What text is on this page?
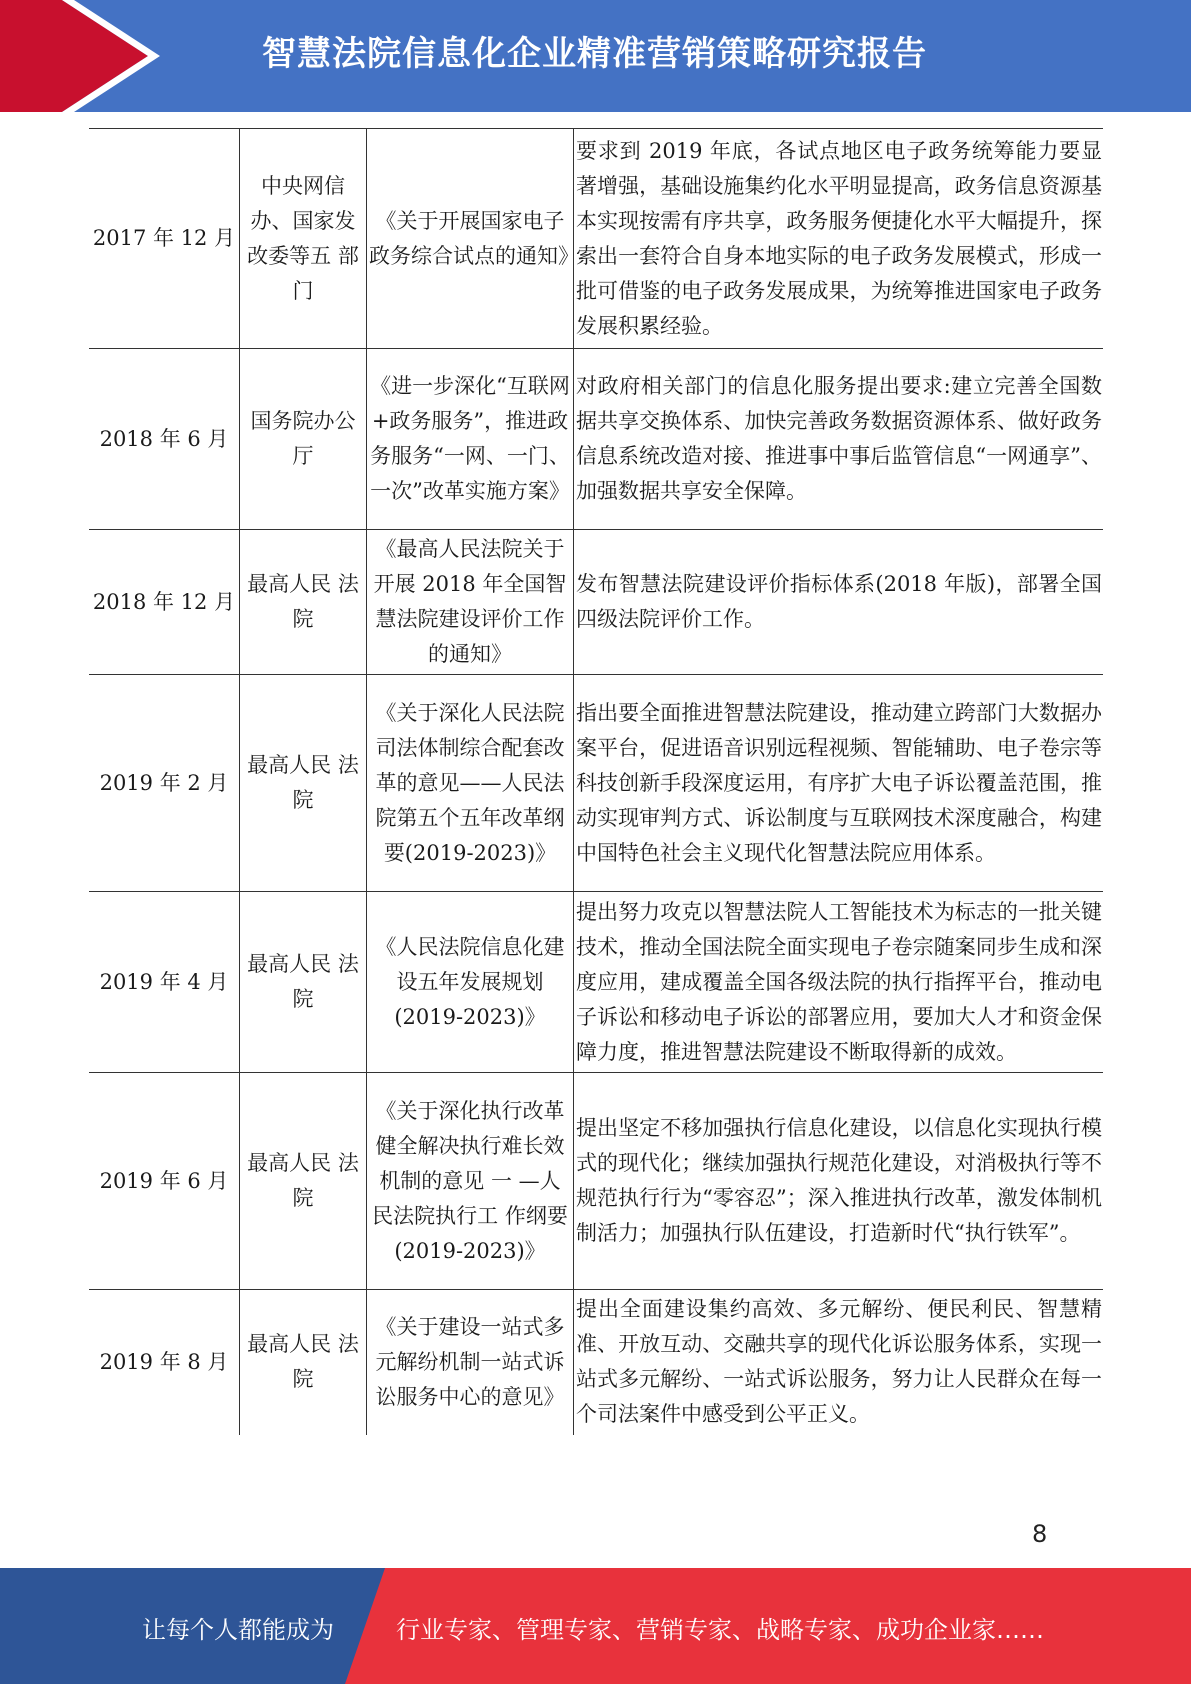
智慧法院信息化企业精准营销策略研究报告
2017 年 12 月	中央网信办、国家发改委等五 部门	《关于开展国家电子政务综合试点的通知》	要求到 2019 年底，各试点地区电子政务统筹能力要显著增强，基础设施集约化水平明显提高，政务信息资源基本实现按需有序共享，政务服务便捷化水平大幅提升，探索出一套符合自身本地实际的电子政务发展模式，形成一批可借鉴的电子政务发展成果，为统筹推进国家电子政务发展积累经验。
2018 年 6 月	国务院办公厅	《进一步深化“互联网+政务服务”，推进政务服务“一网、一门、一次”改革实施方案》	对政府相关部门的信息化服务提出要求:建立完善全国数据共享交换体系、加快完善政务数据资源体系、做好政务信息系统改造对接、推进事中事后监管信息“一网通享”、加强数据共享安全保障。
2018 年 12 月	最高人民 法院	《最高人民法院关于开展 2018 年全国智慧法院建设评价工作的通知》	发布智慧法院建设评价指标体系(2018 年版)，部署全国四级法院评价工作。
2019 年 2 月	最高人民 法院	《关于深化人民法院司法体制综合配套改革的意见——人民法院第五个五年改革纲要(2019-2023)》	指出要全面推进智慧法院建设，推动建立跨部门大数据办案平台，促进语音识别远程视频、智能辅助、电子卷宗等科技创新手段深度运用，有序扩大电子诉讼覆盖范围，推动实现审判方式、诉讼制度与互联网技术深度融合，构建中国特色社会主义现代化智慧法院应用体系。
2019 年 4 月	最高人民 法院	《人民法院信息化建设五年发展规划(2019-2023)》	提出努力攻克以智慧法院人工智能技术为标志的一批关键技术，推动全国法院全面实现电子卷宗随案同步生成和深度应用，建成覆盖全国各级法院的执行指挥平台，推动电子诉讼和移动电子诉讼的部署应用，要加大人才和资金保障力度，推进智慧法院建设不断取得新的成效。
2019 年 6 月	最高人民 法院	《关于深化执行改革健全解决执行难长效机制的意见 一 —人民法院执行工 作纲要(2019-2023)》	提出坚定不移加强执行信息化建设，以信息化实现执行模式的现代化；继续加强执行规范化建设，对消极执行等不规范执行行为“零容忍”；深入推进执行改革，激发体制机制活力；加强执行队伍建设，打造新时代“执行铁军”。
2019 年 8 月	最高人民 法院	《关于建设一站式多元解纷机制一站式诉讼服务中心的意见》	提出全面建设集约高效、多元解纷、便民利民、智慧精准、开放互动、交融共享的现代化诉讼服务体系，实现一站式多元解纷、一站式诉讼服务，努力让人民群众在每一个司法案件中感受到公平正义。
8
让每个人都能成为	行业专家、管理专家、营销专家、战略专家、成功企业家……
